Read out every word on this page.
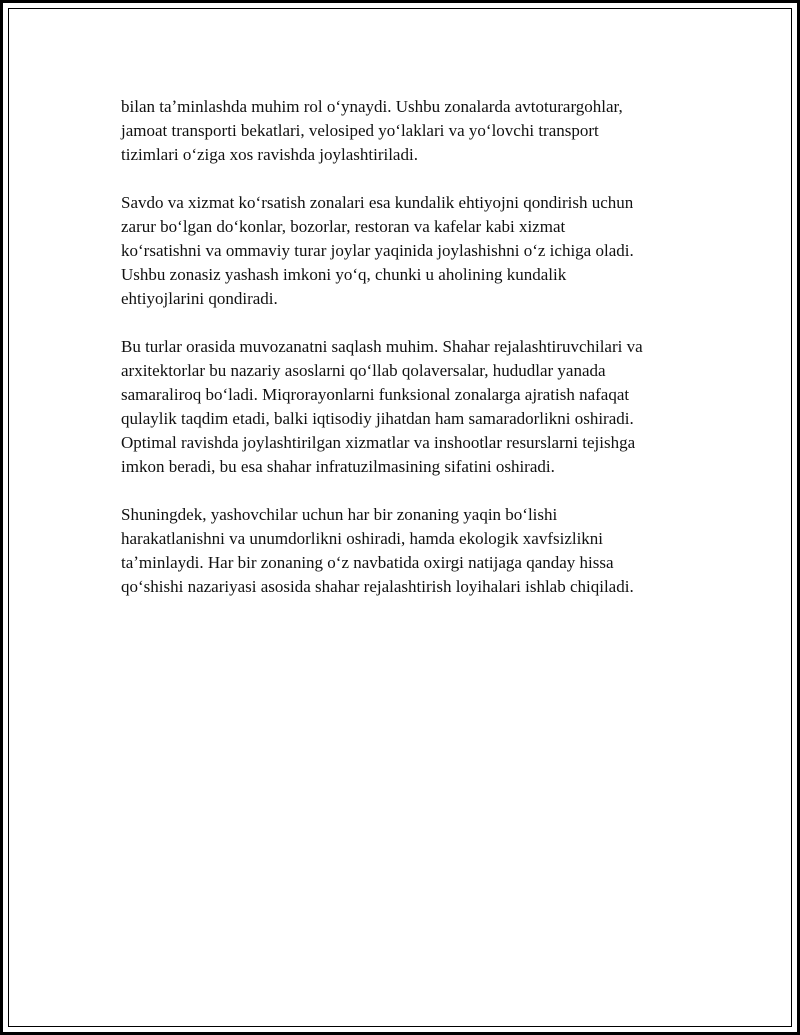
bilan taʼminlashda muhim rol oʻynaydi. Ushbu zonalarda avtoturargohlar,
jamoat transporti bekatlari, velosiped yoʻlaklari va yoʻlovchi transport
tizimlari oʻziga xos ravishda joylashtiriladi.

Savdo va xizmat koʻrsatish zonalari esa kundalik ehtiyojni qondirish uchun
zarur boʻlgan doʻkonlar, bozorlar, restoran va kafelar kabi xizmat
koʻrsatishni va ommaviy turar joylar yaqinida joylashishni oʻz ichiga oladi.
Ushbu zonasiz yashash imkoni yoʻq, chunki u aholining kundalik
ehtiyojlarini qondiradi.

Bu turlar orasida muvozanatni saqlash muhim. Shahar rejalashtiruvchilari va
arxitektorlar bu nazariy asoslarni qoʻllab qolaversalar, hududlar yanada
samaraliroq boʻladi. Miqrorayonlarni funksional zonalarga ajratish nafaqat
qulaylik taqdim etadi, balki iqtisodiy jihatdan ham samaradorlikni oshiradi.
Optimal ravishda joylashtirilgan xizmatlar va inshootlar resurslarni tejishga
imkon beradi, bu esa shahar infratuzilmasining sifatini oshiradi.

Shuningdek, yashovchilar uchun har bir zonaning yaqin boʻlishi
harakatlanishni va unumdorlikni oshiradi, hamda ekologik xavfsizlikni
taʼminlaydi. Har bir zonaning oʻz navbatida oxirgi natijaga qanday hissa
qoʻshishi nazariyasi asosida shahar rejalashtirish loyihalari ishlab chiqiladi.
